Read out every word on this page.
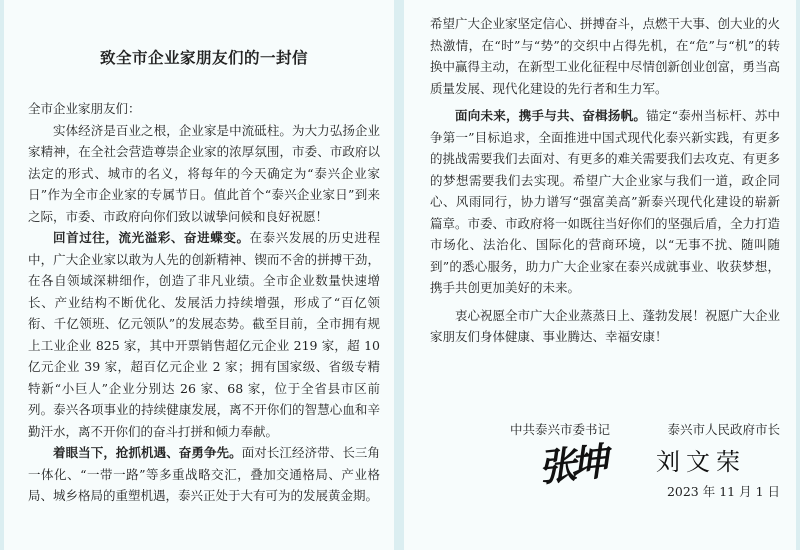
致全市企业家朋友们的一封信

全市企业家朋友们：

实体经济是百业之根，企业家是中流砥柱。为大力弘扬企业家精神，在全社会营造尊崇企业家的浓厚氛围，市委、市政府以法定的形式、城市的名义，将每年的今天确定为“泰兴企业家日”作为全市企业家的专属节日。值此首个“泰兴企业家日”到来之际，市委、市政府向你们致以诚挚问候和良好祝愿！

回首过往，流光溢彩、奋进蝶变。在泰兴发展的历史进程中，广大企业家以敢为人先的创新精神、锲而不舍的拼搏干劲，在各自领域深耕细作，创造了非凡业绩。全市企业数量快速增长、产业结构不断优化、发展活力持续增强，形成了“百亿领衔、千亿领班、亿元领队”的发展态势。截至目前，全市拥有规上工业企业 825 家，其中开票销售超亿元企业 219 家，超 10 亿元企业 39 家，超百亿元企业 2 家；拥有国家级、省级专精特新“小巨人”企业分别达 26 家、68 家，位于全省县市区前列。泰兴各项事业的持续健康发展，离不开你们的智慧心血和辛勤汗水，离不开你们的奋斗打拼和倾力奉献。

着眼当下，抢抓机遇、奋勇争先。面对长江经济带、长三角一体化、“一带一路”等多重战略交汇，叠加交通格局、产业格局、城乡格局的重塑机遇，泰兴正处于大有可为的发展黄金期。

希望广大企业家坚定信心、拼搏奋斗，点燃干大事、创大业的火热激情，在“时”与“势”的交织中占得先机，在“危”与“机”的转换中赢得主动，在新型工业化征程中尽情创新创业创富，勇当高质量发展、现代化建设的先行者和生力军。

面向未来，携手与共、奋楫扬帆。锚定“泰州当标杆、苏中争第一”目标追求，全面推进中国式现代化泰兴新实践，有更多的挑战需要我们去面对、有更多的难关需要我们去攻克、有更多的梦想需要我们去实现。希望广大企业家与我们一道，政企同心、风雨同行，协力谱写“强富美高”新泰兴现代化建设的崭新篇章。市委、市政府将一如既往当好你们的坚强后盾，全力打造市场化、法治化、国际化的营商环境，以“无事不扰、随叫随到”的悉心服务，助力广大企业家在泰兴成就事业、收获梦想，携手共创更加美好的未来。

衷心祝愿全市广大企业蒸蒸日上、蓬勃发展！祝愿广大企业家朋友们身体健康、事业腾达、幸福安康！

中共泰兴市委书记	泰兴市人民政府市长
张坤 刘文荣
2023 年 11 月 1 日
